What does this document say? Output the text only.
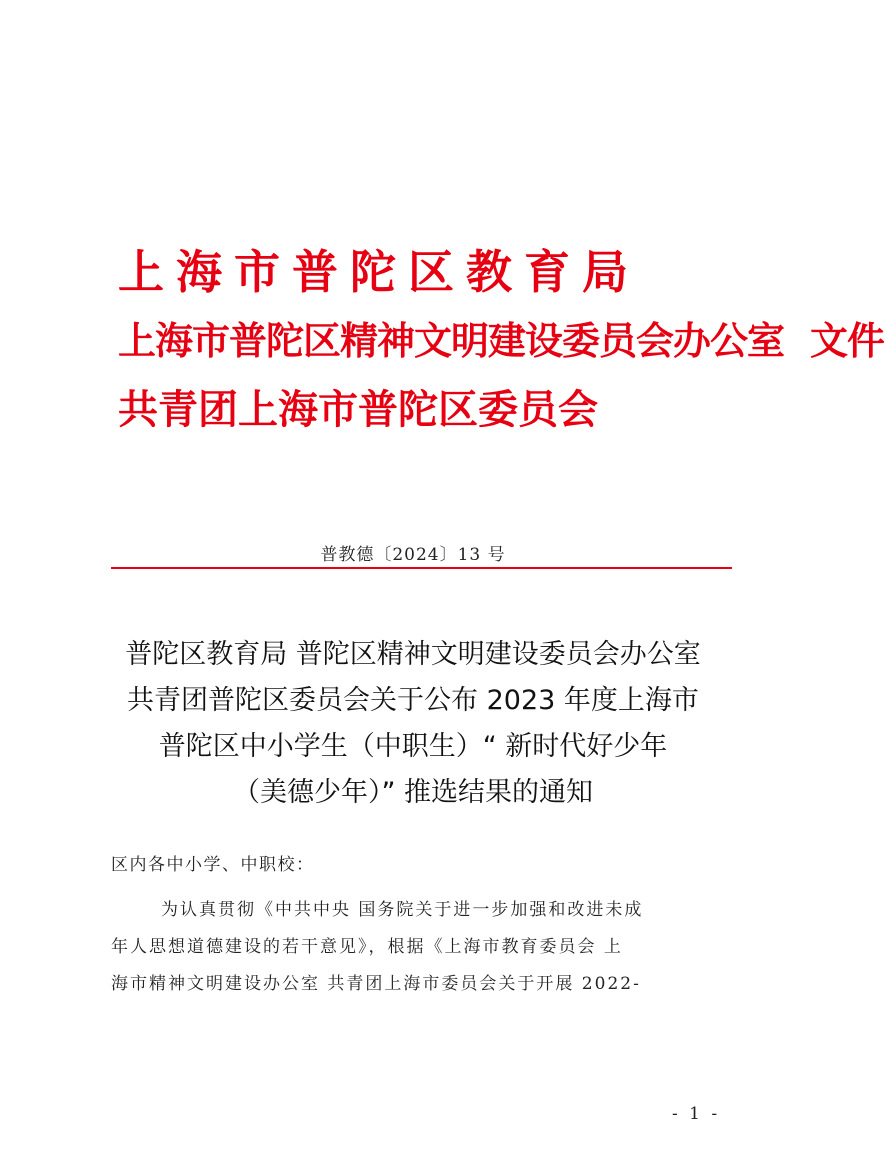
上海市普陀区教育局
上海市普陀区精神文明建设委员会办公室 文件
共青团上海市普陀区委员会
普教德〔2024〕13 号
普陀区教育局 普陀区精神文明建设委员会办公室
共青团普陀区委员会关于公布 2023 年度上海市
普陀区中小学生（中职生）“ 新时代好少年
（美德少年）” 推选结果的通知
区内各中小学、中职校：
为认真贯彻《中共中央 国务院关于进一步加强和改进未成
年人思想道德建设的若干意见》，根据《上海市教育委员会 上
海市精神文明建设办公室 共青团上海市委员会关于开展 2022-
- 1 -
